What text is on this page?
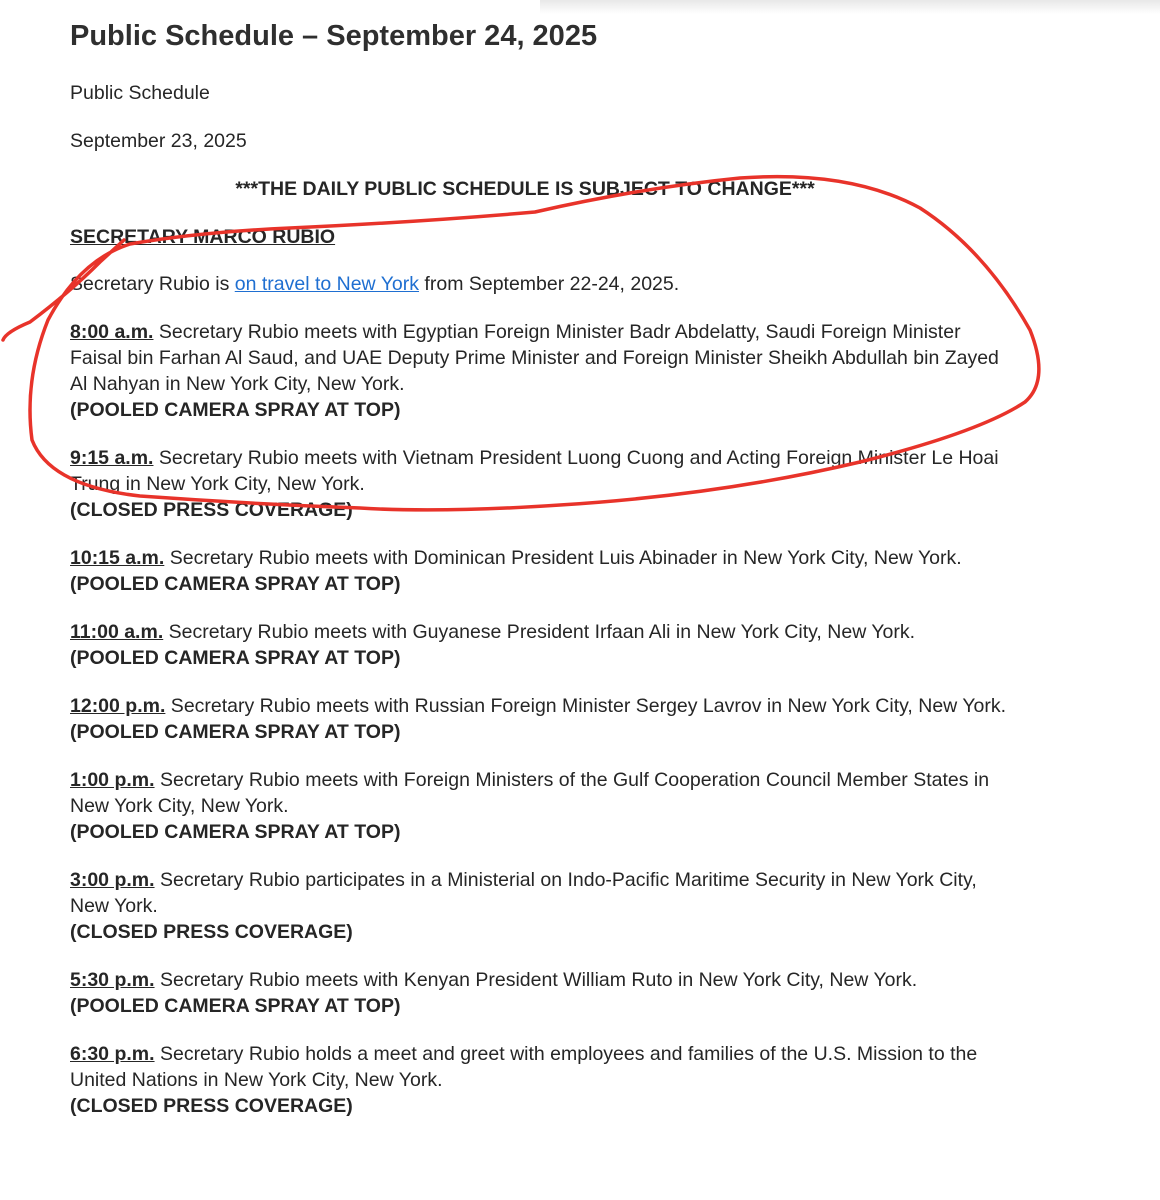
Public Schedule – September 24, 2025

Public Schedule

September 23, 2025

***THE DAILY PUBLIC SCHEDULE IS SUBJECT TO CHANGE***

SECRETARY MARCO RUBIO

Secretary Rubio is on travel to New York from September 22-24, 2025.

8:00 a.m. Secretary Rubio meets with Egyptian Foreign Minister Badr Abdelatty, Saudi Foreign Minister Faisal bin Farhan Al Saud, and UAE Deputy Prime Minister and Foreign Minister Sheikh Abdullah bin Zayed Al Nahyan in New York City, New York.
(POOLED CAMERA SPRAY AT TOP)

9:15 a.m. Secretary Rubio meets with Vietnam President Luong Cuong and Acting Foreign Minister Le Hoai Trung in New York City, New York.
(CLOSED PRESS COVERAGE)

10:15 a.m. Secretary Rubio meets with Dominican President Luis Abinader in New York City, New York.
(POOLED CAMERA SPRAY AT TOP)

11:00 a.m. Secretary Rubio meets with Guyanese President Irfaan Ali in New York City, New York.
(POOLED CAMERA SPRAY AT TOP)

12:00 p.m. Secretary Rubio meets with Russian Foreign Minister Sergey Lavrov in New York City, New York.
(POOLED CAMERA SPRAY AT TOP)

1:00 p.m. Secretary Rubio meets with Foreign Ministers of the Gulf Cooperation Council Member States in New York City, New York.
(POOLED CAMERA SPRAY AT TOP)

3:00 p.m. Secretary Rubio participates in a Ministerial on Indo-Pacific Maritime Security in New York City, New York.
(CLOSED PRESS COVERAGE)

5:30 p.m. Secretary Rubio meets with Kenyan President William Ruto in New York City, New York.
(POOLED CAMERA SPRAY AT TOP)

6:30 p.m. Secretary Rubio holds a meet and greet with employees and families of the U.S. Mission to the United Nations in New York City, New York.
(CLOSED PRESS COVERAGE)
